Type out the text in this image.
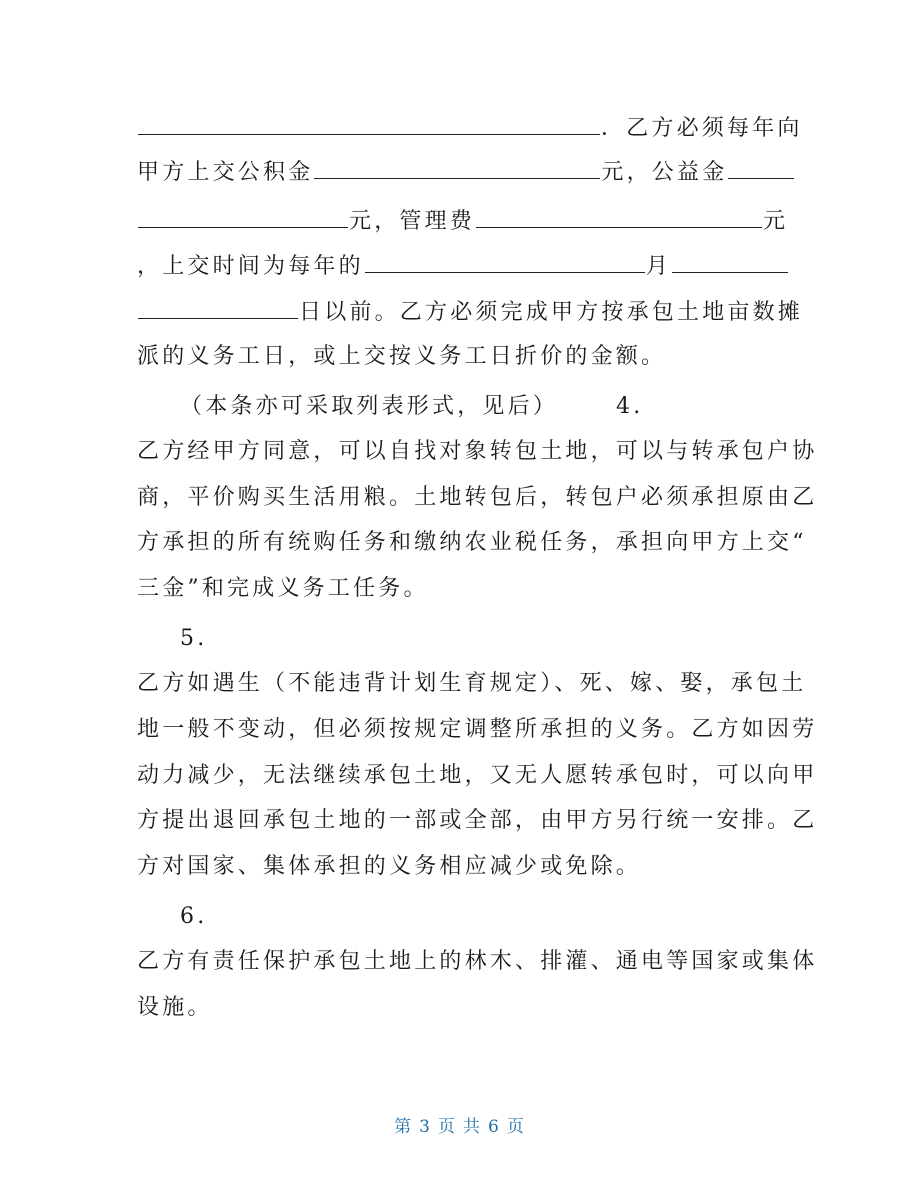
．乙方必须每年向
甲方上交公积金	元，公益金
元，管理费	元
，上交时间为每年的	月
日以前。乙方必须完成甲方按承包土地亩数摊
派的义务工日，或上交按义务工日折价的金额。
（本条亦可采取列表形式，见后）	4.
乙方经甲方同意，可以自找对象转包土地，可以与转承包户协
商，平价购买生活用粮。土地转包后，转包户必须承担原由乙
方承担的所有统购任务和缴纳农业税任务，承担向甲方上交“
三金”和完成义务工任务。
5.
乙方如遇生（不能违背计划生育规定）、死、嫁、娶，承包土
地一般不变动，但必须按规定调整所承担的义务。乙方如因劳
动力减少，无法继续承包土地，又无人愿转承包时，可以向甲
方提出退回承包土地的一部或全部，由甲方另行统一安排。乙
方对国家、集体承担的义务相应减少或免除。
6.
乙方有责任保护承包土地上的林木、排灌、通电等国家或集体
设施。
第 3 页 共 6 页
